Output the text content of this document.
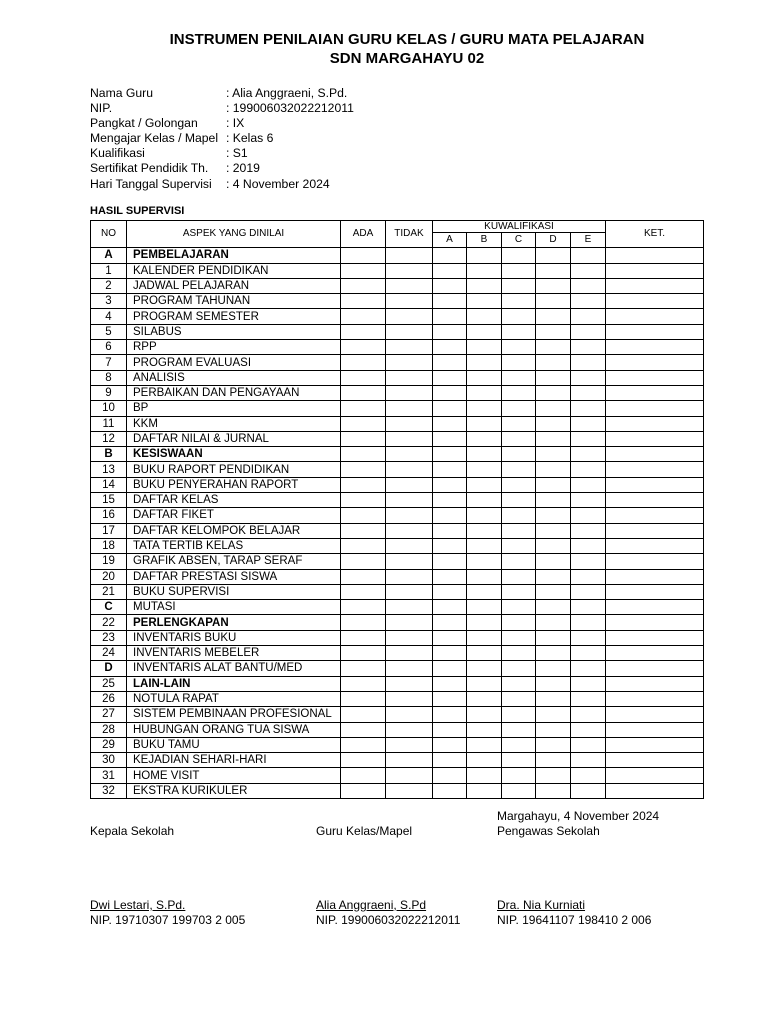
INSTRUMEN PENILAIAN GURU KELAS / GURU MATA PELAJARAN
SDN MARGAHAYU 02
Nama Guru	: Alia Anggraeni, S.Pd.
NIP.	: 199006032022212011
Pangkat / Golongan	: IX
Mengajar Kelas / Mapel : Kelas 6
Kualifikasi	: S1
Sertifikat Pendidik Th.	: 2019
Hari Tanggal Supervisi	: 4 November 2024
HASIL SUPERVISI
NO	ASPEK YANG DINILAI	ADA	TIDAK	KUWALIFIKASI					KET.
				A	B	C	D	E	
A	PEMBELAJARAN								
1	KALENDER PENDIDIKAN								
2	JADWAL PELAJARAN								
3	PROGRAM TAHUNAN								
4	PROGRAM SEMESTER								
5	SILABUS								
6	RPP								
7	PROGRAM EVALUASI								
8	ANALISIS								
9	PERBAIKAN DAN PENGAYAAN								
10	BP								
11	KKM								
12	DAFTAR NILAI & JURNAL								
B	KESISWAAN								
13	BUKU RAPORT PENDIDIKAN								
14	BUKU PENYERAHAN RAPORT								
15	DAFTAR KELAS								
16	DAFTAR FIKET								
17	DAFTAR KELOMPOK BELAJAR								
18	TATA TERTIB KELAS								
19	GRAFIK ABSEN, TARAP SERAF								
20	DAFTAR PRESTASI SISWA								
21	BUKU SUPERVISI								
C	MUTASI								
22	PERLENGKAPAN								
23	INVENTARIS BUKU								
24	INVENTARIS MEBELER								
D	INVENTARIS ALAT BANTU/MED								
25	LAIN-LAIN								
26	NOTULA RAPAT								
27	SISTEM PEMBINAAN PROFESIONAL								
28	HUBUNGAN ORANG TUA SISWA								
29	BUKU TAMU								
30	KEJADIAN SEHARI-HARI								
31	HOME VISIT								
32	EKSTRA KURIKULER								
Margahayu, 4 November 2024
Kepala Sekolah	Guru Kelas/Mapel	Pengawas Sekolah
Dwi Lestari, S.Pd.	Alia Anggraeni, S.Pd	Dra. Nia Kurniati
NIP. 19710307 199703 2 005	NIP. 199006032022212011	NIP. 19641107 198410 2 006
